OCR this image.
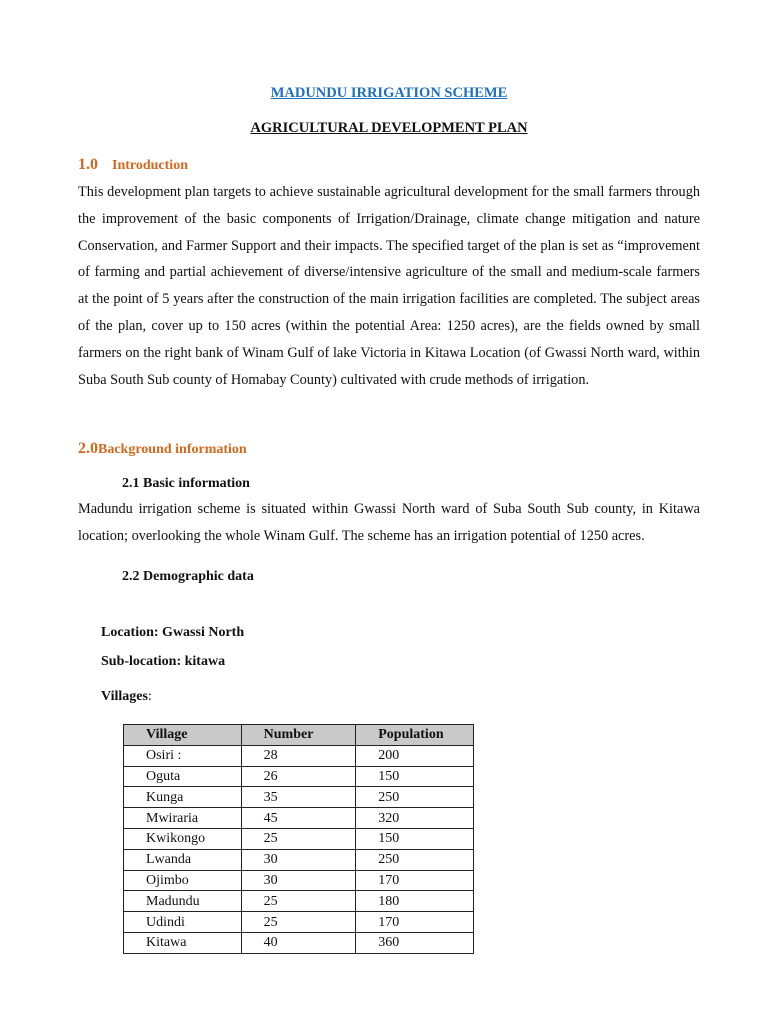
MADUNDU IRRIGATION SCHEME
AGRICULTURAL DEVELOPMENT PLAN
1.0 Introduction
This development plan targets to achieve sustainable agricultural development for the small farmers through the improvement of the basic components of Irrigation/Drainage, climate change mitigation and nature Conservation, and Farmer Support and their impacts. The specified target of the plan is set as “improvement of farming and partial achievement of diverse/intensive agriculture of the small and medium-scale farmers at the point of 5 years after the construction of the main irrigation facilities are completed. The subject areas of the plan, cover up to 150 acres (within the potential Area: 1250 acres), are the fields owned by small farmers on the right bank of Winam Gulf of lake Victoria in Kitawa Location (of Gwassi North ward, within Suba South Sub county of Homabay County) cultivated with crude methods of irrigation.
2.0Background information
2.1 Basic information
Madundu irrigation scheme is situated within Gwassi North ward of Suba South Sub county, in Kitawa location; overlooking the whole Winam Gulf. The scheme has an irrigation potential of 1250 acres.
2.2 Demographic data
Location: Gwassi North
Sub-location: kitawa
Villages:
Village	Number	Population
Osiri :	28	200
Oguta	26	150
Kunga	35	250
Mwiraria	45	320
Kwikongo	25	150
Lwanda	30	250
Ojimbo	30	170
Madundu	25	180
Udindi	25	170
Kitawa	40	360
